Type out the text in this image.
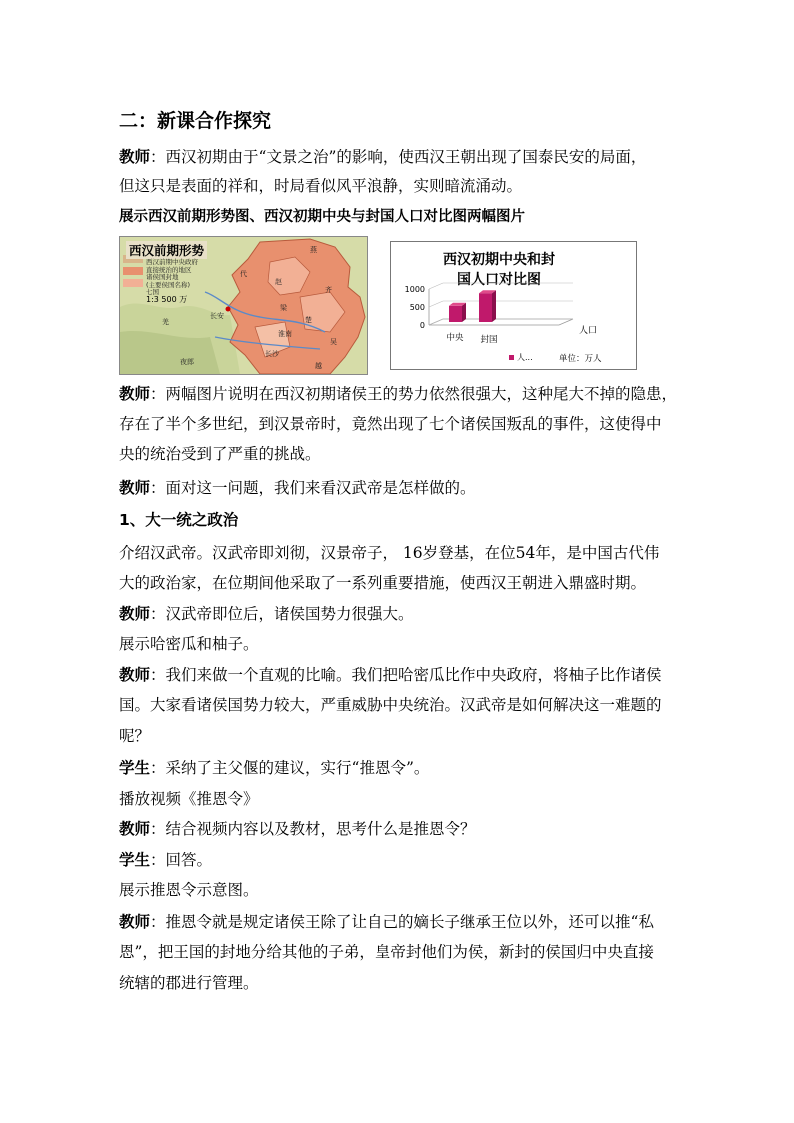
二：新课合作探究
教师：西汉初期由于“文景之治”的影响，使西汉王朝出现了国泰民安的局面，
但这只是表面的祥和，时局看似风平浪静，实则暗流涌动。
展示西汉前期形势图、西汉初期中央与封国人口对比图两幅图片
西汉前期形势
西汉前期中央政府
直接统治的地区
诸侯国封地
(主要侯国名称)
七国
1:3 500 万
长安
燕
代
赵
齐
楚
吴
淮南
长沙
梁
羌
夜郎	越
西汉初期中央和封
国人口对比图
0
500
1000
中央 封国
人口
人...	单位：万人
教师：两幅图片说明在西汉初期诸侯王的势力依然很强大，这种尾大不掉的隐患，
存在了半个多世纪，到汉景帝时，竟然出现了七个诸侯国叛乱的事件，这使得中
央的统治受到了严重的挑战。
教师：面对这一问题，我们来看汉武帝是怎样做的。
1、大一统之政治
介绍汉武帝。汉武帝即刘彻，汉景帝子， 16岁登基，在位54年，是中国古代伟
大的政治家，在位期间他采取了一系列重要措施，使西汉王朝进入鼎盛时期。
教师：汉武帝即位后，诸侯国势力很强大。
展示哈密瓜和柚子。
教师：我们来做一个直观的比喻。我们把哈密瓜比作中央政府，将柚子比作诸侯
国。大家看诸侯国势力较大，严重威胁中央统治。汉武帝是如何解决这一难题的
呢？
学生：采纳了主父偃的建议，实行“推恩令”。
播放视频《推恩令》
教师：结合视频内容以及教材，思考什么是推恩令？
学生：回答。
展示推恩令示意图。
教师：推恩令就是规定诸侯王除了让自己的嫡长子继承王位以外，还可以推“私
恩”，把王国的封地分给其他的子弟，皇帝封他们为侯，新封的侯国归中央直接
统辖的郡进行管理。
